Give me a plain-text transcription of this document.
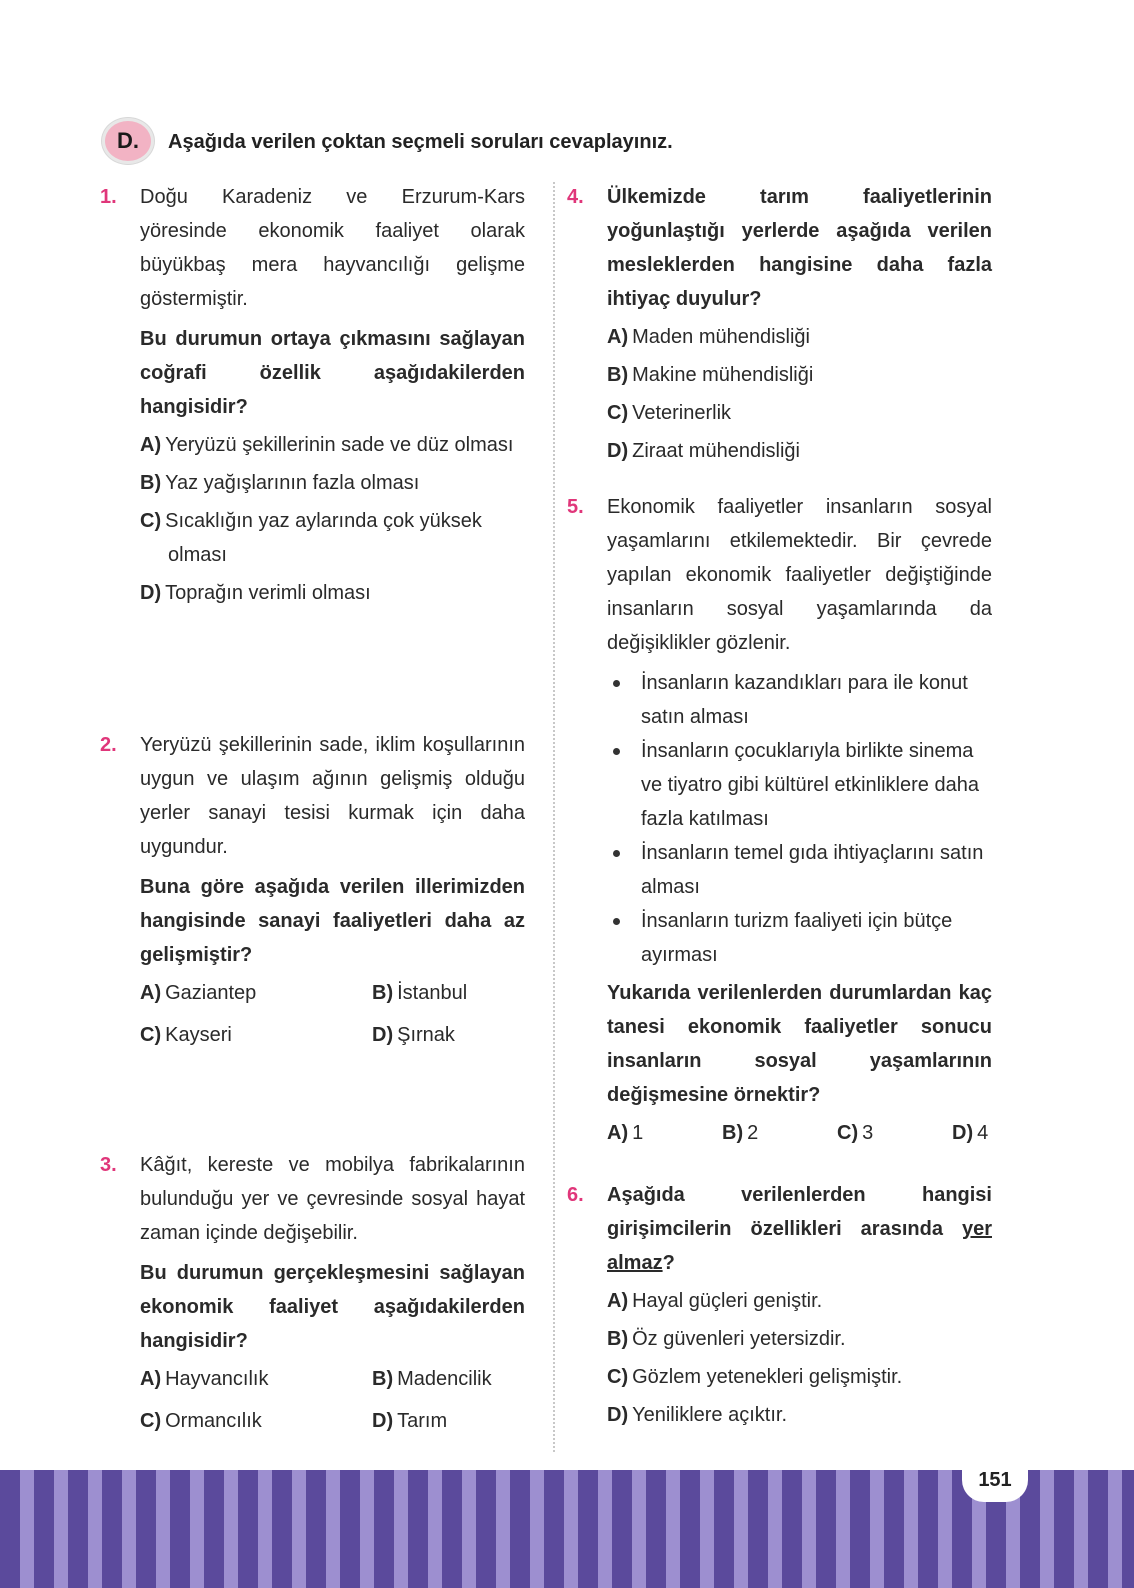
D. Aşağıda verilen çoktan seçmeli soruları cevaplayınız.
1. Doğu Karadeniz ve Erzurum-Kars yöresinde ekonomik faaliyet olarak büyükbaş mera hayvancılığı gelişme göstermiştir.

Bu durumun ortaya çıkmasını sağlayan coğrafi özellik aşağıdakilerden hangisidir?

A) Yeryüzü şekillerinin sade ve düz olması
B) Yaz yağışlarının fazla olması
C) Sıcaklığın yaz aylarında çok yüksek olması
D) Toprağın verimli olması
2. Yeryüzü şekillerinin sade, iklim koşullarının uygun ve ulaşım ağının gelişmiş olduğu yerler sanayi tesisi kurmak için daha uygundur.

Buna göre aşağıda verilen illerimizden hangisinde sanayi faaliyetleri daha az gelişmiştir?

A) Gaziantep	B) İstanbul
C) Kayseri	D) Şırnak
3. Kâğıt, kereste ve mobilya fabrikalarının bulunduğu yer ve çevresinde sosyal hayat zaman içinde değişebilir.

Bu durumun gerçekleşmesini sağlayan ekonomik faaliyet aşağıdakilerden hangisidir?

A) Hayvancılık	B) Madencilik
C) Ormancılık	D) Tarım
4. Ülkemizde tarım faaliyetlerinin yoğunlaştığı yerlerde aşağıda verilen mesleklerden hangisine daha fazla ihtiyaç duyulur?

A) Maden mühendisliği
B) Makine mühendisliği
C) Veterinerlik
D) Ziraat mühendisliği
5. Ekonomik faaliyetler insanların sosyal yaşamlarını etkilemektedir. Bir çevrede yapılan ekonomik faaliyetler değiştiğinde insanların sosyal yaşamlarında da değişiklikler gözlenir.

İnsanların kazandıkları para ile konut satın alması
İnsanların çocuklarıyla birlikte sinema ve tiyatro gibi kültürel etkinliklere daha fazla katılması
İnsanların temel gıda ihtiyaçlarını satın alması
İnsanların turizm faaliyeti için bütçe ayırması

Yukarıda verilenlerden durumlardan kaç tanesi ekonomik faaliyetler sonucu insanların sosyal yaşamlarının değişmesine örnektir?

A) 1	B) 2	C) 3	D) 4
6. Aşağıda verilenlerden hangisi girişimcilerin özellikleri arasında yer almaz?

A) Hayal güçleri geniştir.
B) Öz güvenleri yetersizdir.
C) Gözlem yetenekleri gelişmiştir.
D) Yeniliklere açıktır.
151
